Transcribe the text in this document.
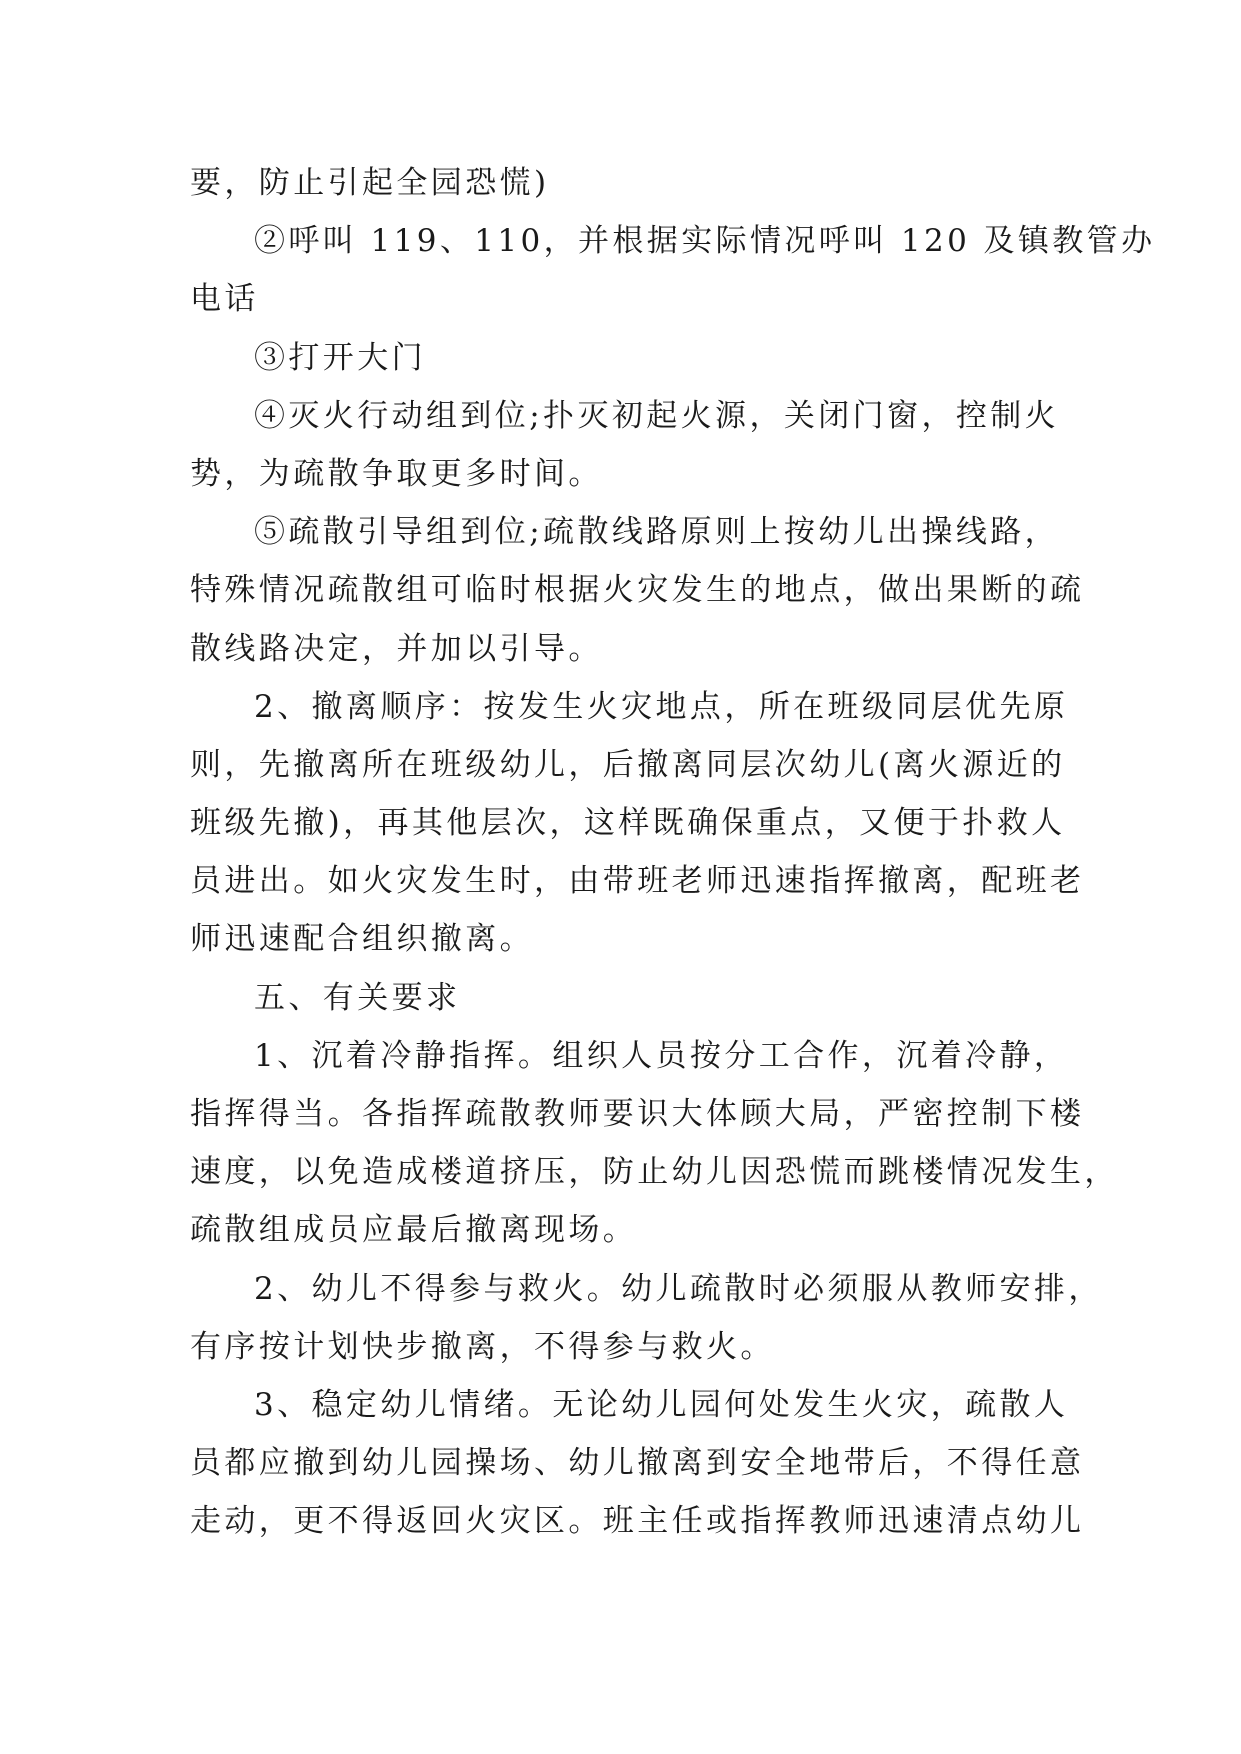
要，防止引起全园恐慌)
②呼叫 119、110，并根据实际情况呼叫 120 及镇教管办
电话
③打开大门
④灭火行动组到位;扑灭初起火源，关闭门窗，控制火
势，为疏散争取更多时间。
⑤疏散引导组到位;疏散线路原则上按幼儿出操线路，
特殊情况疏散组可临时根据火灾发生的地点，做出果断的疏
散线路决定，并加以引导。
2、撤离顺序：按发生火灾地点，所在班级同层优先原
则，先撤离所在班级幼儿，后撤离同层次幼儿(离火源近的
班级先撤)，再其他层次，这样既确保重点，又便于扑救人
员进出。如火灾发生时，由带班老师迅速指挥撤离，配班老
师迅速配合组织撤离。
五、有关要求
1、沉着冷静指挥。组织人员按分工合作，沉着冷静，
指挥得当。各指挥疏散教师要识大体顾大局，严密控制下楼
速度，以免造成楼道挤压，防止幼儿因恐慌而跳楼情况发生，
疏散组成员应最后撤离现场。
2、幼儿不得参与救火。幼儿疏散时必须服从教师安排，
有序按计划快步撤离，不得参与救火。
3、稳定幼儿情绪。无论幼儿园何处发生火灾，疏散人
员都应撤到幼儿园操场、幼儿撤离到安全地带后，不得任意
走动，更不得返回火灾区。班主任或指挥教师迅速清点幼儿
